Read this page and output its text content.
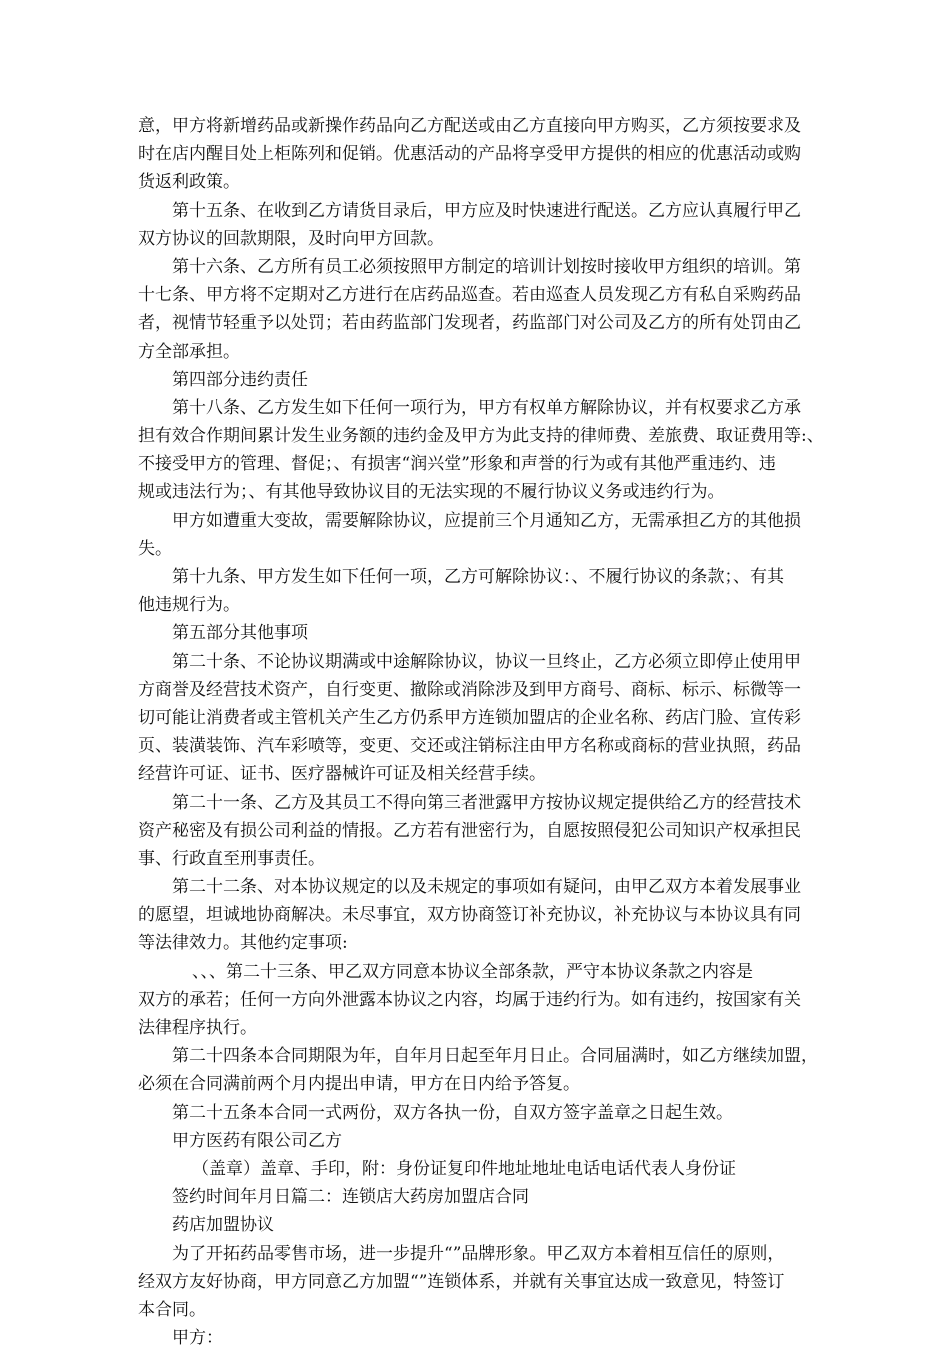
意，甲方将新增药品或新操作药品向乙方配送或由乙方直接向甲方购买，乙方须按要求及
时在店内醒目处上柜陈列和促销。优惠活动的产品将享受甲方提供的相应的优惠活动或购
货返利政策。
第十五条、在收到乙方请货目录后，甲方应及时快速进行配送。乙方应认真履行甲乙
双方协议的回款期限，及时向甲方回款。
第十六条、乙方所有员工必须按照甲方制定的培训计划按时接收甲方组织的培训。第
十七条、甲方将不定期对乙方进行在店药品巡查。若由巡查人员发现乙方有私自采购药品
者，视情节轻重予以处罚；若由药监部门发现者，药监部门对公司及乙方的所有处罚由乙
方全部承担。
第四部分违约责任
第十八条、乙方发生如下任何一项行为，甲方有权单方解除协议，并有权要求乙方承
担有效合作期间累计发生业务额的违约金及甲方为此支持的律师费、差旅费、取证费用等:、
不接受甲方的管理、督促；、有损害“润兴堂”形象和声誉的行为或有其他严重违约、违
规或违法行为；、有其他导致协议目的无法实现的不履行协议义务或违约行为。
甲方如遭重大变故，需要解除协议，应提前三个月通知乙方，无需承担乙方的其他损
失。
第十九条、甲方发生如下任何一项，乙方可解除协议：、不履行协议的条款；、有其
他违规行为。
第五部分其他事项
第二十条、不论协议期满或中途解除协议，协议一旦终止，乙方必须立即停止使用甲
方商誉及经营技术资产，自行变更、撤除或消除涉及到甲方商号、商标、标示、标微等一
切可能让消费者或主管机关产生乙方仍系甲方连锁加盟店的企业名称、药店门脸、宣传彩
页、装潢装饰、汽车彩喷等，变更、交还或注销标注由甲方名称或商标的营业执照，药品
经营许可证、证书、医疗器械许可证及相关经营手续。
第二十一条、乙方及其员工不得向第三者泄露甲方按协议规定提供给乙方的经营技术
资产秘密及有损公司利益的情报。乙方若有泄密行为，自愿按照侵犯公司知识产权承担民
事、行政直至刑事责任。
第二十二条、对本协议规定的以及未规定的事项如有疑问，由甲乙双方本着发展事业
的愿望，坦诚地协商解决。未尽事宜，双方协商签订补充协议，补充协议与本协议具有同
等法律效力。其他约定事项:
、、、第二十三条、甲乙双方同意本协议全部条款，严守本协议条款之内容是
双方的承若；任何一方向外泄露本协议之内容，均属于违约行为。如有违约，按国家有关
法律程序执行。
第二十四条本合同期限为年，自年月日起至年月日止。合同届满时，如乙方继续加盟，
必须在合同满前两个月内提出申请，甲方在日内给予答复。
第二十五条本合同一式两份，双方各执一份，自双方签字盖章之日起生效。
甲方医药有限公司乙方
（盖章）盖章、手印，附：身份证复印件地址地址电话电话代表人身份证
签约时间年月日篇二：连锁店大药房加盟店合同
药店加盟协议
为了开拓药品零售市场，进一步提升“”品牌形象。甲乙双方本着相互信任的原则，
经双方友好协商，甲方同意乙方加盟“”连锁体系，并就有关事宜达成一致意见，特签订
本合同。
甲方：
